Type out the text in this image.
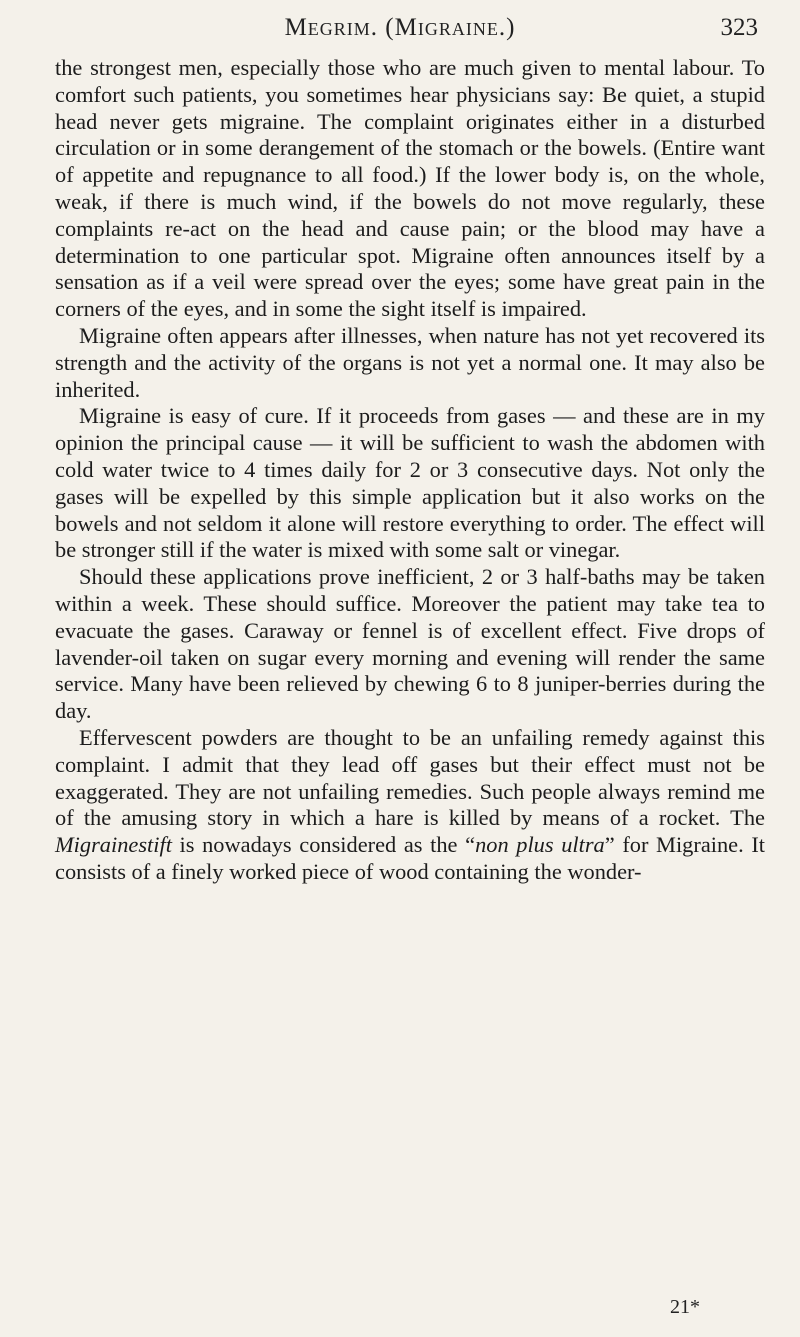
Megrim. (Migraine.)	323

the strongest men, especially those who are much given to mental labour. To comfort such patients, you sometimes hear physicians say: Be quiet, a stupid head never gets migraine. The complaint originates either in a disturbed circulation or in some derangement of the stomach or the bowels. (Entire want of appetite and repugnance to all food.) If the lower body is, on the whole, weak, if there is much wind, if the bowels do not move regularly, these complaints re-act on the head and cause pain; or the blood may have a determination to one particular spot. Migraine often announces itself by a sensation as if a veil were spread over the eyes; some have great pain in the corners of the eyes, and in some the sight itself is impaired.

Migraine often appears after illnesses, when nature has not yet recovered its strength and the activity of the organs is not yet a normal one. It may also be inherited.

Migraine is easy of cure. If it proceeds from gases — and these are in my opinion the principal cause — it will be sufficient to wash the abdomen with cold water twice to 4 times daily for 2 or 3 consecutive days. Not only the gases will be expelled by this simple application but it also works on the bowels and not seldom it alone will restore everything to order. The effect will be stronger still if the water is mixed with some salt or vinegar.

Should these applications prove inefficient, 2 or 3 half-baths may be taken within a week. These should suffice. Moreover the patient may take tea to evacuate the gases. Caraway or fennel is of excellent effect. Five drops of lavender-oil taken on sugar every morning and evening will render the same service. Many have been relieved by chewing 6 to 8 juniper-berries during the day.

Effervescent powders are thought to be an unfailing remedy against this complaint. I admit that they lead off gases but their effect must not be exaggerated. They are not unfailing remedies. Such people always remind me of the amusing story in which a hare is killed by means of a rocket. The Migrainestift is nowadays considered as the “non plus ultra” for Migraine. It consists of a finely worked piece of wood containing the wonder-

21*
